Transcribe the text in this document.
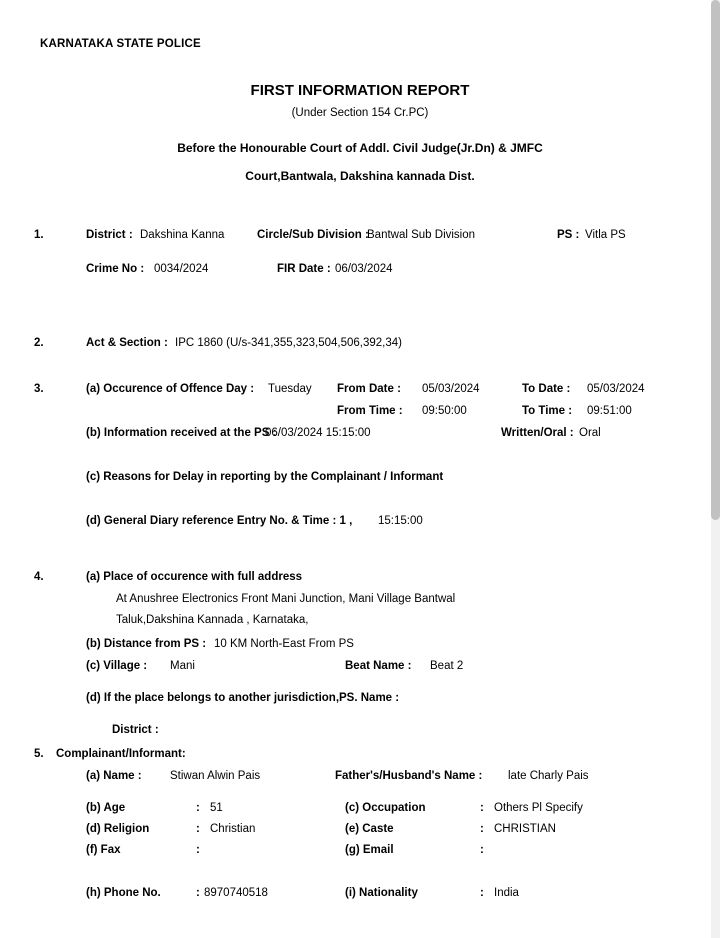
KARNATAKA STATE POLICE
FIRST INFORMATION REPORT
(Under Section 154 Cr.PC)
Before the Honourable Court of Addl. Civil Judge(Jr.Dn) & JMFC
Court,Bantwala, Dakshina kannada Dist.
1.	District : Dakshina Kanna	Circle/Sub Division :
Bantwal Sub Division	PS : Vitla PS
Crime No : 0034/2024	FIR Date : 06/03/2024
2.	Act & Section : IPC 1860 (U/s-341,355,323,504,506,392,34)
3.	(a) Occurence of Offence Day : Tuesday From Date : 05/03/2024	To Date : 05/03/2024
From Time : 09:50:00	To Time : 09:51:00
(b) Information received at the PS :
06/03/2024 15:15:00	Written/Oral : Oral
(c) Reasons for Delay in reporting by the Complainant / Informant
(d) General Diary reference Entry No. & Time : 1 , 15:15:00
4.	(a) Place of occurence with full address
At Anushree Electronics Front Mani Junction, Mani Village Bantwal
Taluk,Dakshina Kannada , Karnataka,
(b) Distance from PS : 10 KM North-East From PS
(c) Village : Mani	Beat Name : Beat 2
(d) If the place belongs to another jurisdiction,PS. Name :
District :
5. Complainant/Informant:
(a) Name : Stiwan Alwin Pais	Father's/Husband's Name : late Charly Pais
(b) Age	: 51	(c) Occupation	: Others Pl Specify
(d) Religion	: Christian	(e) Caste	: CHRISTIAN
(f) Fax	:	(g) Email	:
(h) Phone No.	: 8970740518	(i) Nationality	: India
